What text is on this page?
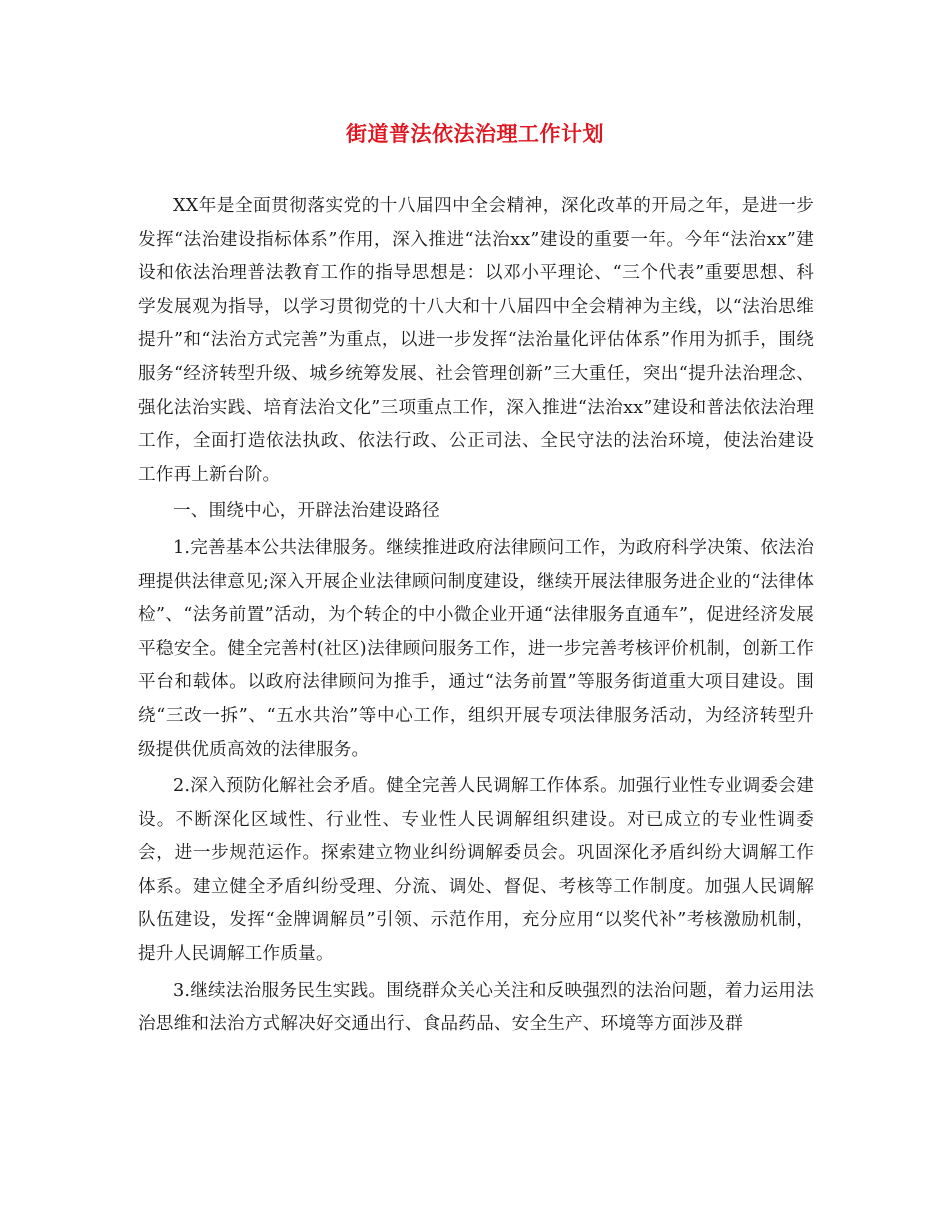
街道普法依法治理工作计划

XX年是全面贯彻落实党的十八届四中全会精神，深化改革的开局之年，是进一步发挥“法治建设指标体系”作用，深入推进“法治xx”建设的重要一年。今年“法治xx”建设和依法治理普法教育工作的指导思想是：以邓小平理论、“三个代表”重要思想、科学发展观为指导，以学习贯彻党的十八大和十八届四中全会精神为主线，以“法治思维提升”和“法治方式完善”为重点，以进一步发挥“法治量化评估体系”作用为抓手，围绕服务“经济转型升级、城乡统筹发展、社会管理创新”三大重任，突出“提升法治理念、强化法治实践、培育法治文化”三项重点工作，深入推进“法治xx”建设和普法依法治理工作，全面打造依法执政、依法行政、公正司法、全民守法的法治环境，使法治建设工作再上新台阶。

一、围绕中心，开辟法治建设路径

1.完善基本公共法律服务。继续推进政府法律顾问工作，为政府科学决策、依法治理提供法律意见;深入开展企业法律顾问制度建设，继续开展法律服务进企业的“法律体检”、“法务前置”活动，为个转企的中小微企业开通“法律服务直通车”，促进经济发展平稳安全。健全完善村(社区)法律顾问服务工作，进一步完善考核评价机制，创新工作平台和载体。以政府法律顾问为推手，通过“法务前置”等服务街道重大项目建设。围绕“三改一拆”、“五水共治”等中心工作，组织开展专项法律服务活动，为经济转型升级提供优质高效的法律服务。

2.深入预防化解社会矛盾。健全完善人民调解工作体系。加强行业性专业调委会建设。不断深化区域性、行业性、专业性人民调解组织建设。对已成立的专业性调委会，进一步规范运作。探索建立物业纠纷调解委员会。巩固深化矛盾纠纷大调解工作体系。建立健全矛盾纠纷受理、分流、调处、督促、考核等工作制度。加强人民调解队伍建设，发挥“金牌调解员”引领、示范作用，充分应用“以奖代补”考核激励机制，提升人民调解工作质量。

3.继续法治服务民生实践。围绕群众关心关注和反映强烈的法治问题，着力运用法治思维和法治方式解决好交通出行、食品药品、安全生产、环境等方面涉及群
